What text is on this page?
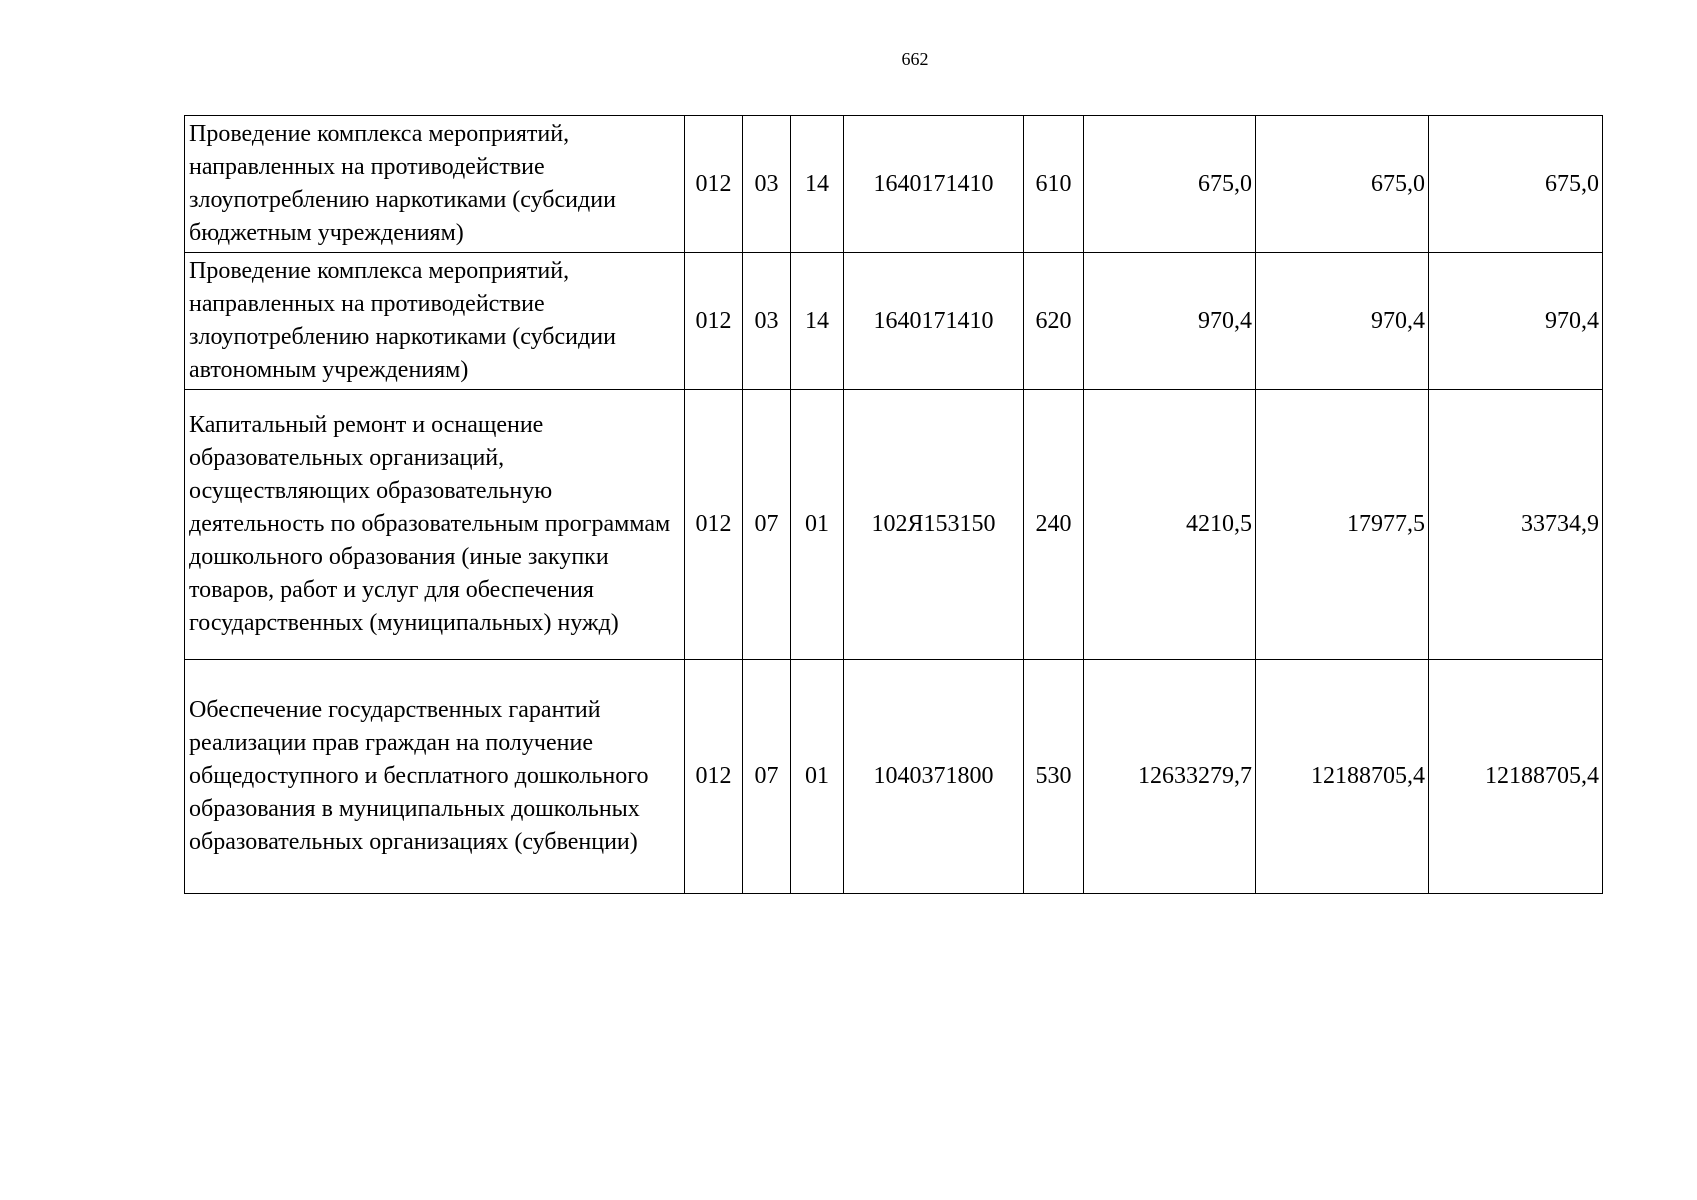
662
Проведение комплекса мероприятий, направленных на противодействие злоупотреблению наркотиками (субсидии бюджетным учреждениям)	012	03	14	1640171410	610	675,0	675,0	675,0
Проведение комплекса мероприятий, направленных на противодействие злоупотреблению наркотиками (субсидии автономным учреждениям)	012	03	14	1640171410	620	970,4	970,4	970,4
Капитальный ремонт и оснащение образовательных организаций, осуществляющих образовательную деятельность по образовательным программам дошкольного образования (иные закупки товаров, работ и услуг для обеспечения государственных (муниципальных) нужд)	012	07	01	102Я153150	240	4210,5	17977,5	33734,9
Обеспечение государственных гарантий реализации прав граждан на получение общедоступного и бесплатного дошкольного образования в муниципальных дошкольных образовательных организациях (субвенции)	012	07	01	1040371800	530	12633279,7	12188705,4	12188705,4
